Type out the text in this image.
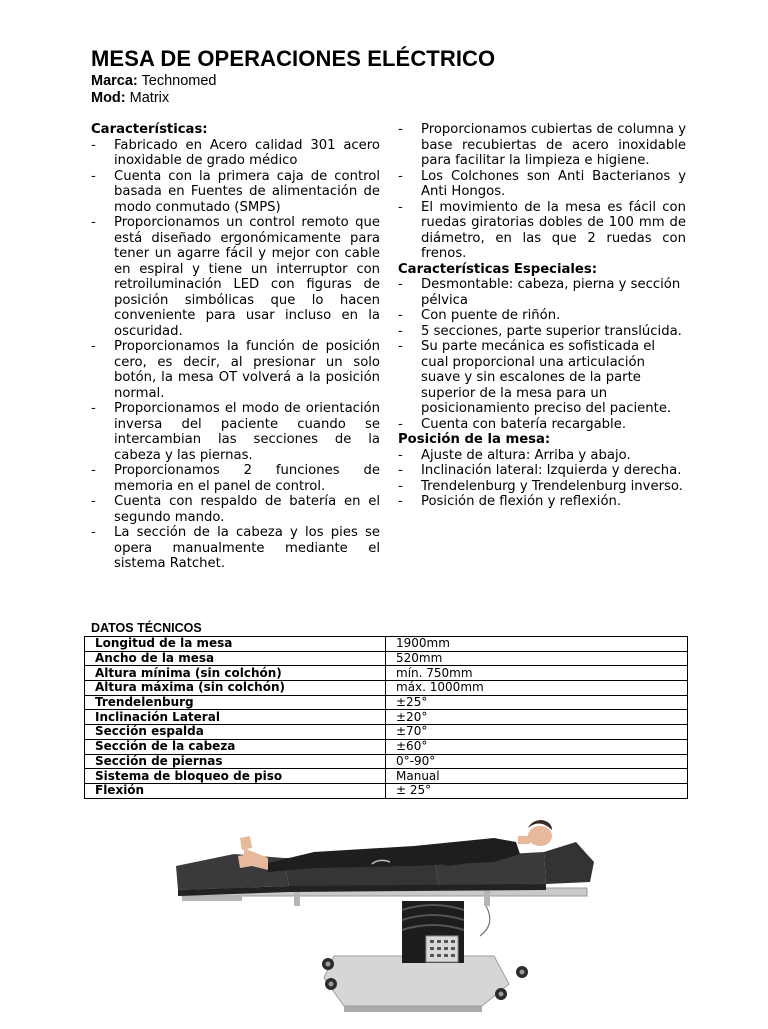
MESA DE OPERACIONES ELÉCTRICO
Marca: Technomed
Mod: Matrix

Características:

- Fabricado en Acero calidad 301 acero inoxidable de grado médico
- Cuenta con la primera caja de control basada en Fuentes de alimentación de modo conmutado (SMPS)
- Proporcionamos un control remoto que está diseñado ergonómicamente para tener un agarre fácil y mejor con cable en espiral y tiene un interruptor con retroiluminación LED con figuras de posición simbólicas que lo hacen conveniente para usar incluso en la oscuridad.
- Proporcionamos la función de posición cero, es decir, al presionar un solo botón, la mesa OT volverá a la posición normal.
- Proporcionamos el modo de orientación inversa del paciente cuando se intercambian las secciones de la cabeza y las piernas.
- Proporcionamos 2 funciones de memoria en el panel de control.
- Cuenta con respaldo de batería en el segundo mando.
- La sección de la cabeza y los pies se opera manualmente mediante el sistema Ratchet.
- Proporcionamos cubiertas de columna y base recubiertas de acero inoxidable para facilitar la limpieza e higiene.
- Los Colchones son Anti Bacterianos y Anti Hongos.
- El movimiento de la mesa es fácil con ruedas giratorias dobles de 100 mm de diámetro, en las que 2 ruedas con frenos.

Características Especiales:

- Desmontable: cabeza, pierna y sección pélvica
- Con puente de riñón.
- 5 secciones, parte superior translúcida.
- Su parte mecánica es sofisticada el cual proporcional una articulación suave y sin escalones de la parte superior de la mesa para un posicionamiento preciso del paciente.
- Cuenta con batería recargable.

Posición de la mesa:

- Ajuste de altura: Arriba y abajo.
- Inclinación lateral: Izquierda y derecha.
- Trendelenburg y Trendelenburg inverso.
- Posición de flexión y reflexión.
DATOS TÉCNICOS
Longitud de la mesa	1900mm
Ancho de la mesa	520mm
Altura mínima (sin colchón)	mín. 750mm
Altura máxima (sin colchón)	máx. 1000mm
Trendelenburg	±25°
Inclinación Lateral	±20°
Sección espalda	±70°
Sección de la cabeza	±60°
Sección de piernas	0°-90°
Sistema de bloqueo de piso	Manual
Flexión	± 25°
